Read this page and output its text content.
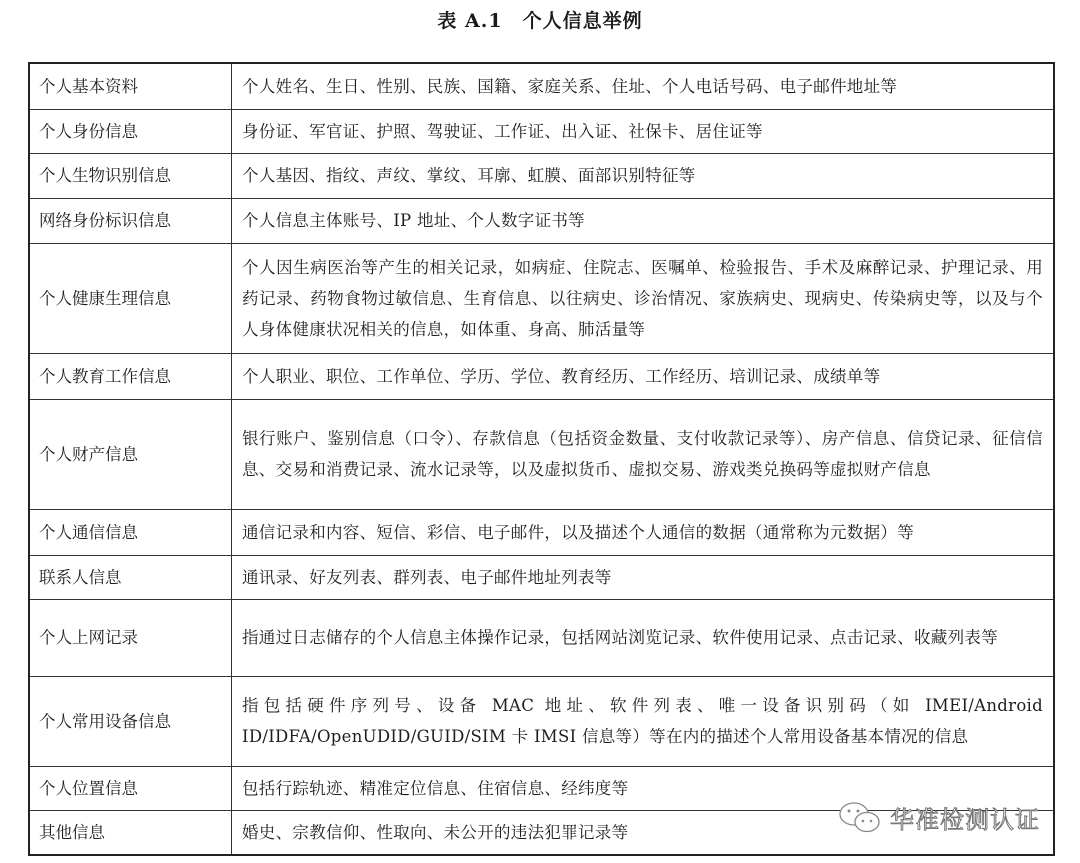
表 A.1　个人信息举例
个人基本资料	个人姓名、生日、性别、民族、国籍、家庭关系、住址、个人电话号码、电子邮件地址等
个人身份信息	身份证、军官证、护照、驾驶证、工作证、出入证、社保卡、居住证等
个人生物识别信息	个人基因、指纹、声纹、掌纹、耳廓、虹膜、面部识别特征等
网络身份标识信息	个人信息主体账号、IP 地址、个人数字证书等
个人健康生理信息	个人因生病医治等产生的相关记录，如病症、住院志、医嘱单、检验报告、手术及麻醉记录、护理记录、用药记录、药物食物过敏信息、生育信息、以往病史、诊治情况、家族病史、现病史、传染病史等，以及与个人身体健康状况相关的信息，如体重、身高、肺活量等
个人教育工作信息	个人职业、职位、工作单位、学历、学位、教育经历、工作经历、培训记录、成绩单等
个人财产信息	银行账户、鉴别信息（口令）、存款信息（包括资金数量、支付收款记录等）、房产信息、信贷记录、征信信息、交易和消费记录、流水记录等，以及虚拟货币、虚拟交易、游戏类兑换码等虚拟财产信息
个人通信信息	通信记录和内容、短信、彩信、电子邮件，以及描述个人通信的数据（通常称为元数据）等
联系人信息	通讯录、好友列表、群列表、电子邮件地址列表等
个人上网记录	指通过日志储存的个人信息主体操作记录，包括网站浏览记录、软件使用记录、点击记录、收藏列表等
个人常用设备信息	指包括硬件序列号、设备 MAC 地址、软件列表、唯一设备识别码（如 IMEI/Android ID/IDFA/OpenUDID/GUID/SIM 卡 IMSI 信息等）等在内的描述个人常用设备基本情况的信息
个人位置信息	包括行踪轨迹、精准定位信息、住宿信息、经纬度等
其他信息	婚史、宗教信仰、性取向、未公开的违法犯罪记录等	华准检测认证
